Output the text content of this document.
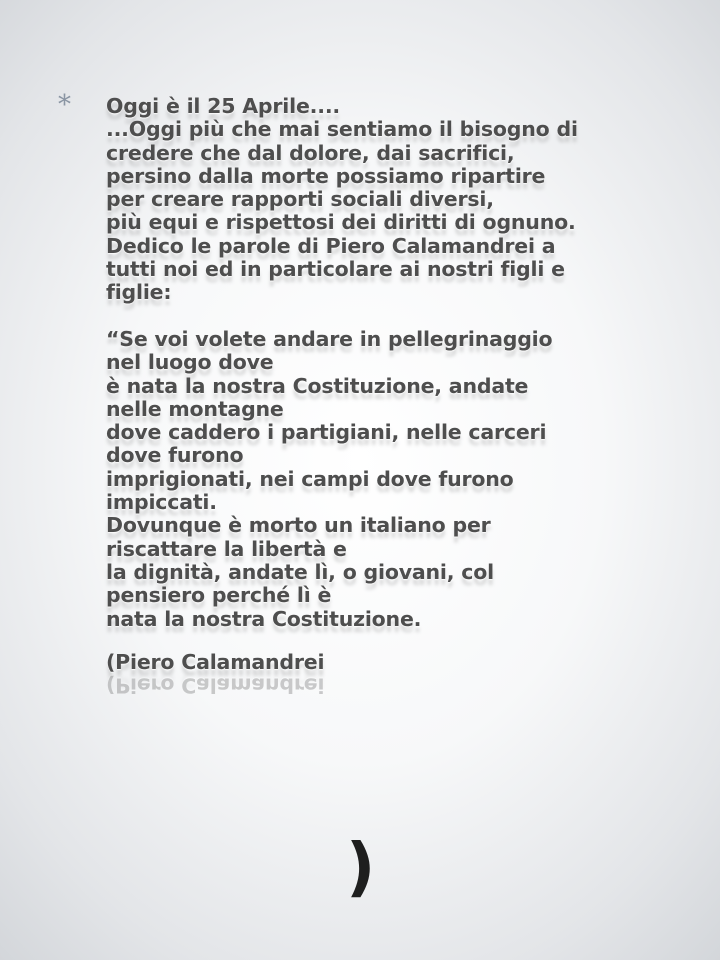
* Oggi è il 25 Aprile....
...Oggi più che mai sentiamo il bisogno di
credere che dal dolore, dai sacrifici,
persino dalla morte possiamo ripartire
per creare rapporti sociali diversi,
più equi e rispettosi dei diritti di ognuno.
Dedico le parole di Piero Calamandrei a
tutti noi ed in particolare ai nostri figli e
figlie:
“Se voi volete andare in pellegrinaggio
nel luogo dove
è nata la nostra Costituzione, andate
nelle montagne
dove caddero i partigiani, nelle carceri
dove furono
imprigionati, nei campi dove furono
impiccati.
Dovunque è morto un italiano per
riscattare la libertà e
la dignità, andate lì, o giovani, col
pensiero perché lì è
nata la nostra Costituzione.
(Piero Calamandrei
(Piero Calamandrei
)
